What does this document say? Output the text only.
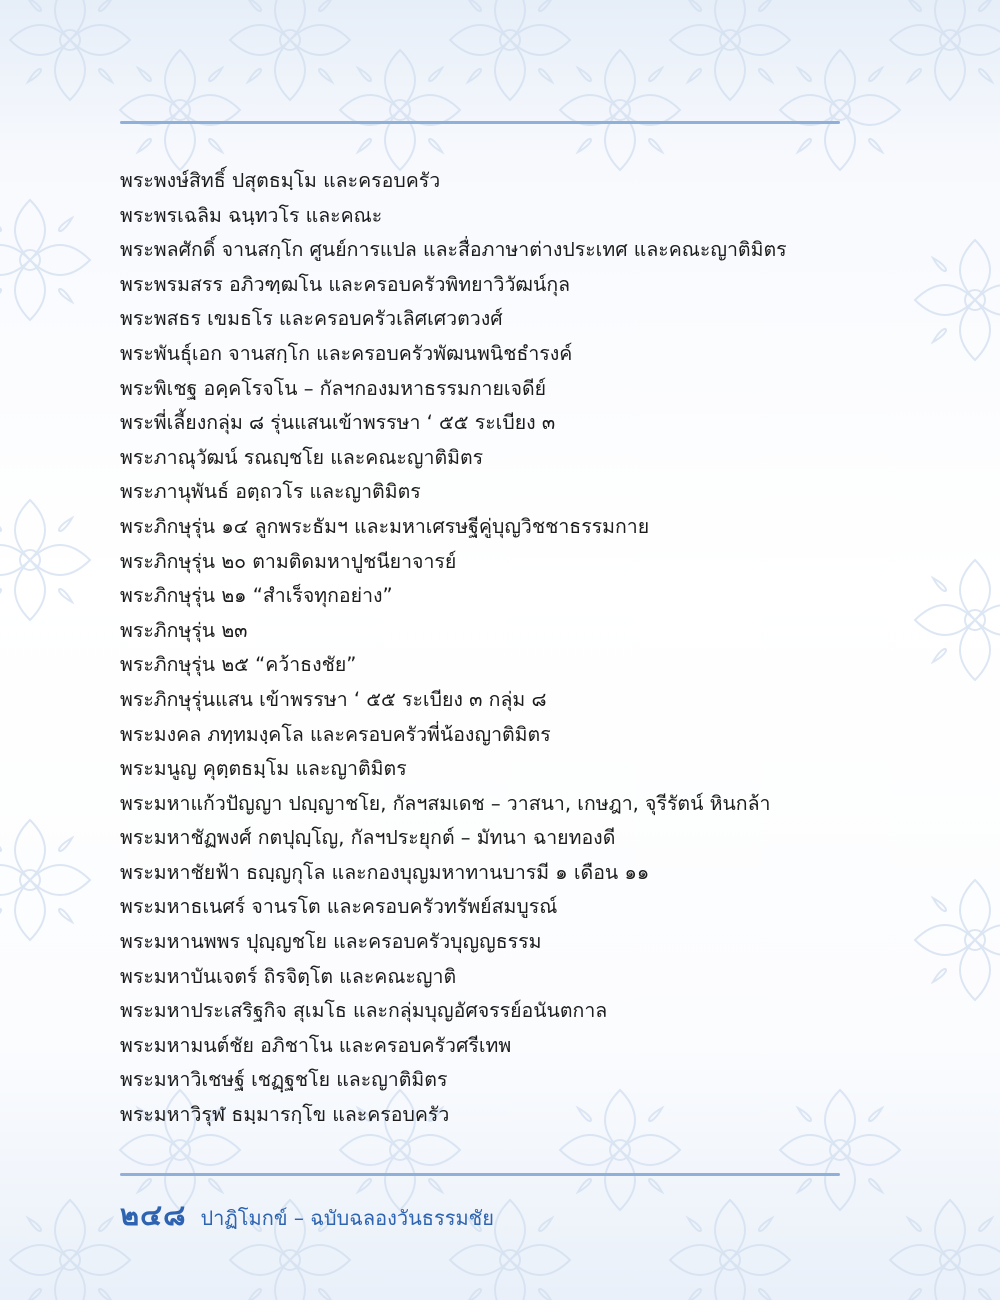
พระพงษ์สิทธิ์ ปสุตธมฺโม และครอบครัว
พระพรเฉลิม ฉนฺทวโร และคณะ
พระพลศักดิ์ จานสกฺโก ศูนย์การแปล และสื่อภาษาต่างประเทศ และคณะญาติมิตร
พระพรมสรร อภิวฑฺฒโน และครอบครัวพิทยาวิวัฒน์กุล
พระพสธร เขมธโร และครอบครัวเลิศเศวตวงศ์
พระพันธุ์เอก จานสกฺโก และครอบครัวพัฒนพนิชธำรงค์
พระพิเชฐ อคฺคโรจโน – กัลฯกองมหาธรรมกายเจดีย์
พระพี่เลี้ยงกลุ่ม ๘ รุ่นแสนเข้าพรรษา ‘ ๕๕ ระเบียง ๓
พระภาณุวัฒน์ รณญฺชโย และคณะญาติมิตร
พระภานุพันธ์ อตฺถวโร และญาติมิตร
พระภิกษุรุ่น ๑๔ ลูกพระธัมฯ และมหาเศรษฐีคู่บุญวิชชาธรรมกาย
พระภิกษุรุ่น ๒๐ ตามติดมหาปูชนียาจารย์
พระภิกษุรุ่น ๒๑ “สำเร็จทุกอย่าง”
พระภิกษุรุ่น ๒๓
พระภิกษุรุ่น ๒๕ “คว้าธงชัย”
พระภิกษุรุ่นแสน เข้าพรรษา ‘ ๕๕ ระเบียง ๓ กลุ่ม ๘
พระมงคล ภทฺทมงฺคโล และครอบครัวพี่น้องญาติมิตร
พระมนูญ คุตฺตธมฺโม และญาติมิตร
พระมหาแก้วปัญญา ปญฺญาชโย, กัลฯสมเดช – วาสนา, เกษฎา, จุรีรัตน์ หินกล้า
พระมหาชัฏพงศ์ กตปุญฺโญ, กัลฯประยุกต์ – มัทนา ฉายทองดี
พระมหาชัยฟ้า ธญฺญกุโล และกองบุญมหาทานบารมี ๑ เดือน ๑๑
พระมหาธเนศร์ จานรโต และครอบครัวทรัพย์สมบูรณ์
พระมหานพพร ปุญฺญชโย และครอบครัวบุญญธรรม
พระมหาบันเจตร์ ถิรจิตฺโต และคณะญาติ
พระมหาประเสริฐกิจ สุเมโธ และกลุ่มบุญอัศจรรย์อนันตกาล
พระมหามนต์ชัย อภิชาโน และครอบครัวศรีเทพ
พระมหาวิเชษฐ์ เชฏฺฐชโย และญาติมิตร
พระมหาวิรุฬ ธมฺมารกฺโข และครอบครัว
๒๔๘ ปาฏิโมกข์ – ฉบับฉลองวันธรรมชัย
